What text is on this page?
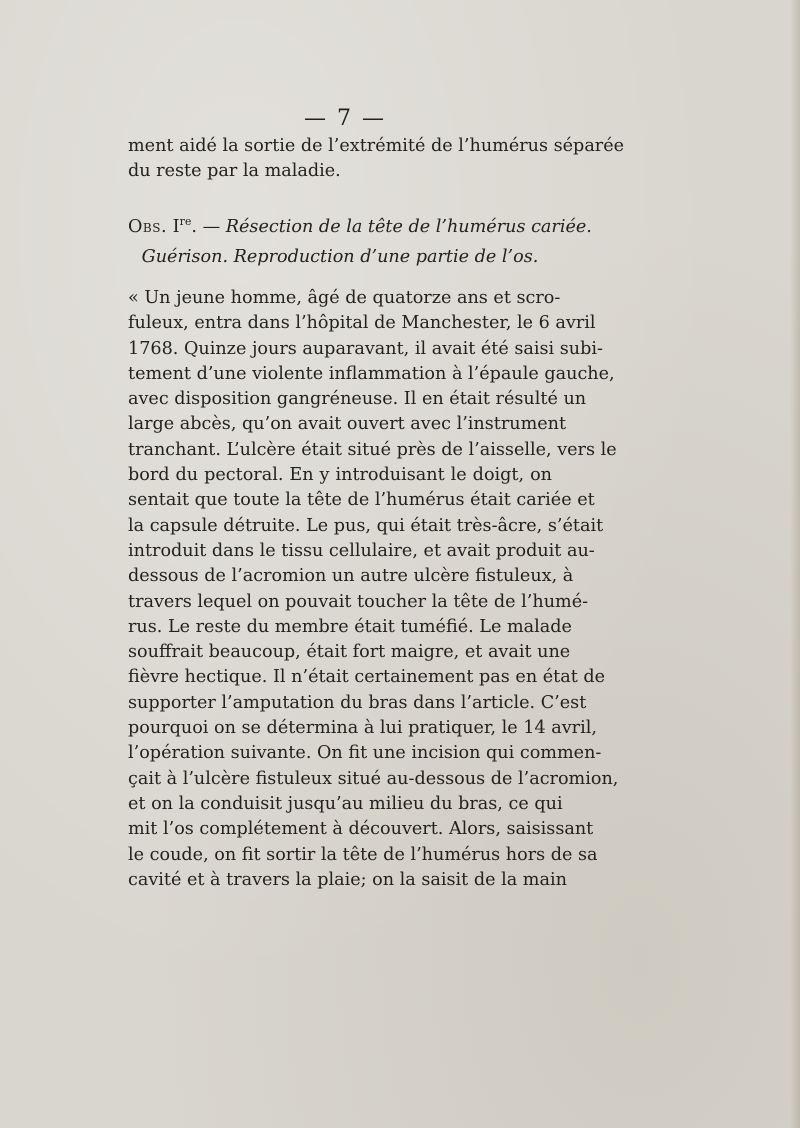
— 7 —
ment aidé la sortie de l’extrémité de l’humérus séparée
du reste par la maladie.
Obs. Ire. — Résection de la tête de l’humérus cariée.
Guérison. Reproduction d’une partie de l’os.
« Un jeune homme, âgé de quatorze ans et scro-
fuleux, entra dans l’hôpital de Manchester, le 6 avril
1768. Quinze jours auparavant, il avait été saisi subi-
tement d’une violente inflammation à l’épaule gauche,
avec disposition gangréneuse. Il en était résulté un
large abcès, qu’on avait ouvert avec l’instrument
tranchant. L’ulcère était situé près de l’aisselle, vers le
bord du pectoral. En y introduisant le doigt, on
sentait que toute la tête de l’humérus était cariée et
la capsule détruite. Le pus, qui était très-âcre, s’était
introduit dans le tissu cellulaire, et avait produit au-
dessous de l’acromion un autre ulcère fistuleux, à
travers lequel on pouvait toucher la tête de l’humé-
rus. Le reste du membre était tuméfié. Le malade
souffrait beaucoup, était fort maigre, et avait une
fièvre hectique. Il n’était certainement pas en état de
supporter l’amputation du bras dans l’article. C’est
pourquoi on se détermina à lui pratiquer, le 14 avril,
l’opération suivante. On fit une incision qui commen-
çait à l’ulcère fistuleux situé au-dessous de l’acromion,
et on la conduisit jusqu’au milieu du bras, ce qui
mit l’os complétement à découvert. Alors, saisissant
le coude, on fit sortir la tête de l’humérus hors de sa
cavité et à travers la plaie; on la saisit de la main
